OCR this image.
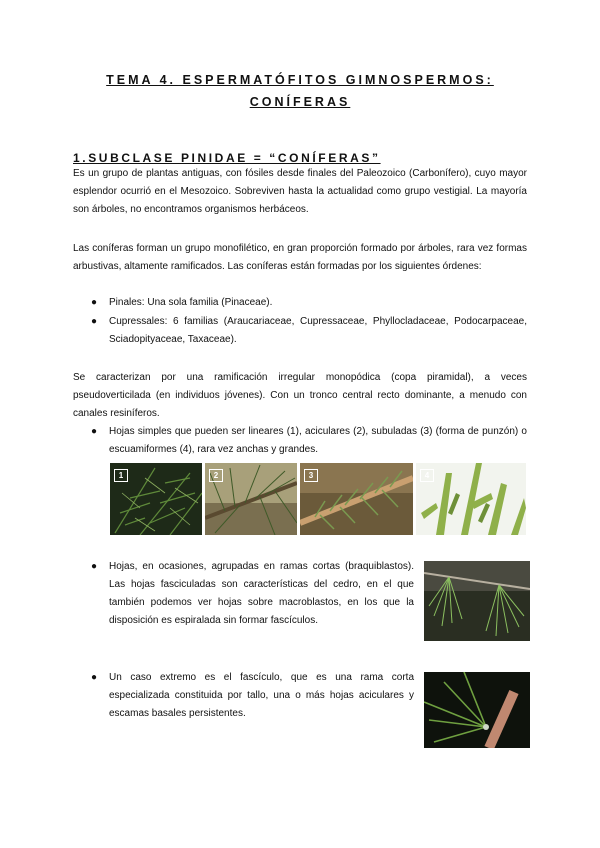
TEMA 4. ESPERMATÓFITOS GIMNOSPERMOS:
CONÍFERAS
1.SUBCLASE PINIDAE = “CONÍFERAS”

Es un grupo de plantas antiguas, con fósiles desde finales del Paleozoico (Carbonífero), cuyo mayor esplendor ocurrió en el Mesozoico. Sobreviven hasta la actualidad como grupo vestigial. La mayoría son árboles, no encontramos organismos herbáceos.

Las coníferas forman un grupo monofilético, en gran proporción formado por árboles, rara vez formas arbustivas, altamente ramificados. Las coníferas están formadas por los siguientes órdenes:

● Pinales: Una sola familia (Pinaceae).

● Cupressales: 6 familias (Araucariaceae, Cupressaceae, Phyllocladaceae, Podocarpaceae, Sciadopityaceae, Taxaceae).

Se caracterizan por una ramificación irregular monopódica (copa piramidal), a veces pseudoverticilada (en individuos jóvenes). Con un tronco central recto dominante, a menudo con canales resiníferos.

● Hojas simples que pueden ser lineares (1), aciculares (2), subuladas (3) (forma de punzón) o escuamiformes (4), rara vez anchas y grandes.

1	2	3	4
● Hojas, en ocasiones, agrupadas en ramas cortas (braquiblastos). Las hojas fasciculadas son características del cedro, en el que también podemos ver hojas sobre macroblastos, en los que la disposición es espiralada sin formar fascículos.

● Un caso extremo es el fascículo, que es una rama corta especializada constituida por tallo, una o más hojas aciculares y escamas basales persistentes.
